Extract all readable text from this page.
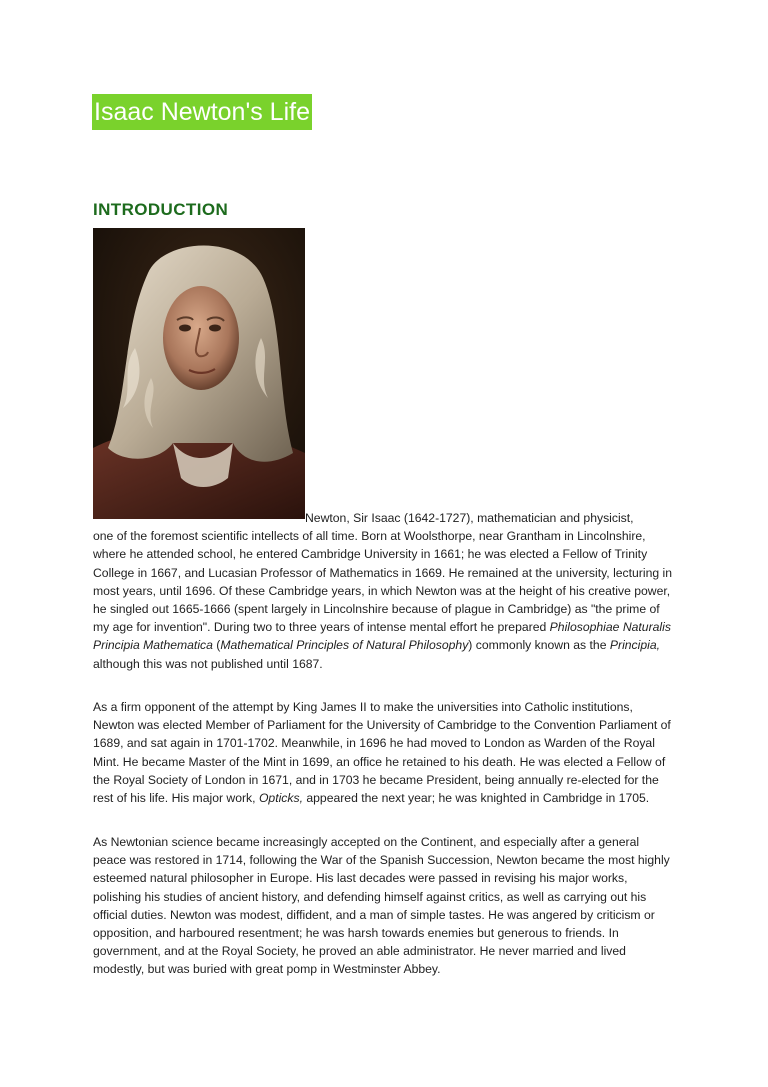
Isaac Newton's Life
INTRODUCTION
Newton, Sir Isaac (1642-1727), mathematician and physicist,
one of the foremost scientific intellects of all time. Born at Woolsthorpe, near Grantham in Lincolnshire, where he attended school, he entered Cambridge University in 1661; he was elected a Fellow of Trinity College in 1667, and Lucasian Professor of Mathematics in 1669. He remained at the university, lecturing in most years, until 1696. Of these Cambridge years, in which Newton was at the height of his creative power, he singled out 1665-1666 (spent largely in Lincolnshire because of plague in Cambridge) as "the prime of my age for invention". During two to three years of intense mental effort he prepared Philosophiae Naturalis Principia Mathematica (Mathematical Principles of Natural Philosophy) commonly known as the Principia, although this was not published until 1687.
As a firm opponent of the attempt by King James II to make the universities into Catholic institutions, Newton was elected Member of Parliament for the University of Cambridge to the Convention Parliament of 1689, and sat again in 1701-1702. Meanwhile, in 1696 he had moved to London as Warden of the Royal Mint. He became Master of the Mint in 1699, an office he retained to his death. He was elected a Fellow of the Royal Society of London in 1671, and in 1703 he became President, being annually re-elected for the rest of his life. His major work, Opticks, appeared the next year; he was knighted in Cambridge in 1705.
As Newtonian science became increasingly accepted on the Continent, and especially after a general peace was restored in 1714, following the War of the Spanish Succession, Newton became the most highly esteemed natural philosopher in Europe. His last decades were passed in revising his major works, polishing his studies of ancient history, and defending himself against critics, as well as carrying out his official duties. Newton was modest, diffident, and a man of simple tastes. He was angered by criticism or opposition, and harboured resentment; he was harsh towards enemies but generous to friends. In government, and at the Royal Society, he proved an able administrator. He never married and lived modestly, but was buried with great pomp in Westminster Abbey.
